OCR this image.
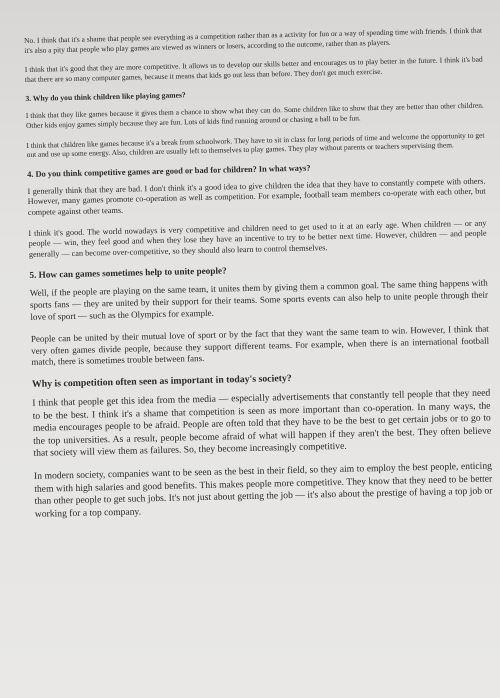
No. I think that it's a shame that people see everything as a competition rather than as a activity for fun or a way of spending time with friends. I think that it's also a pity that people who play games are viewed as winners or losers, according to the outcome, rather than as players.

I think that it's good that they are more competitive. It allows us to develop our skills better and encourages us to play better in the future. I think it's bad that there are so many computer games, because it means that kids go out less than before. They don't get much exercise.

3. Why do you think children like playing games?

I think that they like games because it gives them a chance to show what they can do. Some children like to show that they are better than other children. Other kids enjoy games simply because they are fun. Lots of kids find running around or chasing a ball to be fun.

I think that children like games because it's a break from schoolwork. They have to sit in class for long periods of time and welcome the opportunity to get out and use up some energy. Also, children are usually left to themselves to play games. They play without parents or teachers supervising them.

4. Do you think competitive games are good or bad for children? In what ways?

I generally think that they are bad. I don't think it's a good idea to give children the idea that they have to constantly compete with others. However, many games promote co-operation as well as competition. For example, football team members co-operate with each other, but compete against other teams.

I think it's good. The world nowadays is very competitive and children need to get used to it at an early age. When children — or any people — win, they feel good and when they lose they have an incentive to try to be better next time. However, children — and people generally — can become over-competitive, so they should also learn to control themselves.

5. How can games sometimes help to unite people?

Well, if the people are playing on the same team, it unites them by giving them a common goal. The same thing happens with sports fans — they are united by their support for their teams. Some sports events can also help to unite people through their love of sport — such as the Olympics for example.

People can be united by their mutual love of sport or by the fact that they want the same team to win. However, I think that very often games divide people, because they support different teams. For example, when there is an international football match, there is sometimes trouble between fans.

Why is competition often seen as important in today's society?

I think that people get this idea from the media — especially advertisements that constantly tell people that they need to be the best. I think it's a shame that competition is seen as more important than co-operation. In many ways, the media encourages people to be afraid. People are often told that they have to be the best to get certain jobs or to go to the top universities. As a result, people become afraid of what will happen if they aren't the best. They often believe that society will view them as failures. So, they become increasingly competitive.

In modern society, companies want to be seen as the best in their field, so they aim to employ the best people, enticing them with high salaries and good benefits. This makes people more competitive. They know that they need to be better than other people to get such jobs. It's not just about getting the job — it's also about the prestige of having a top job or working for a top company.
